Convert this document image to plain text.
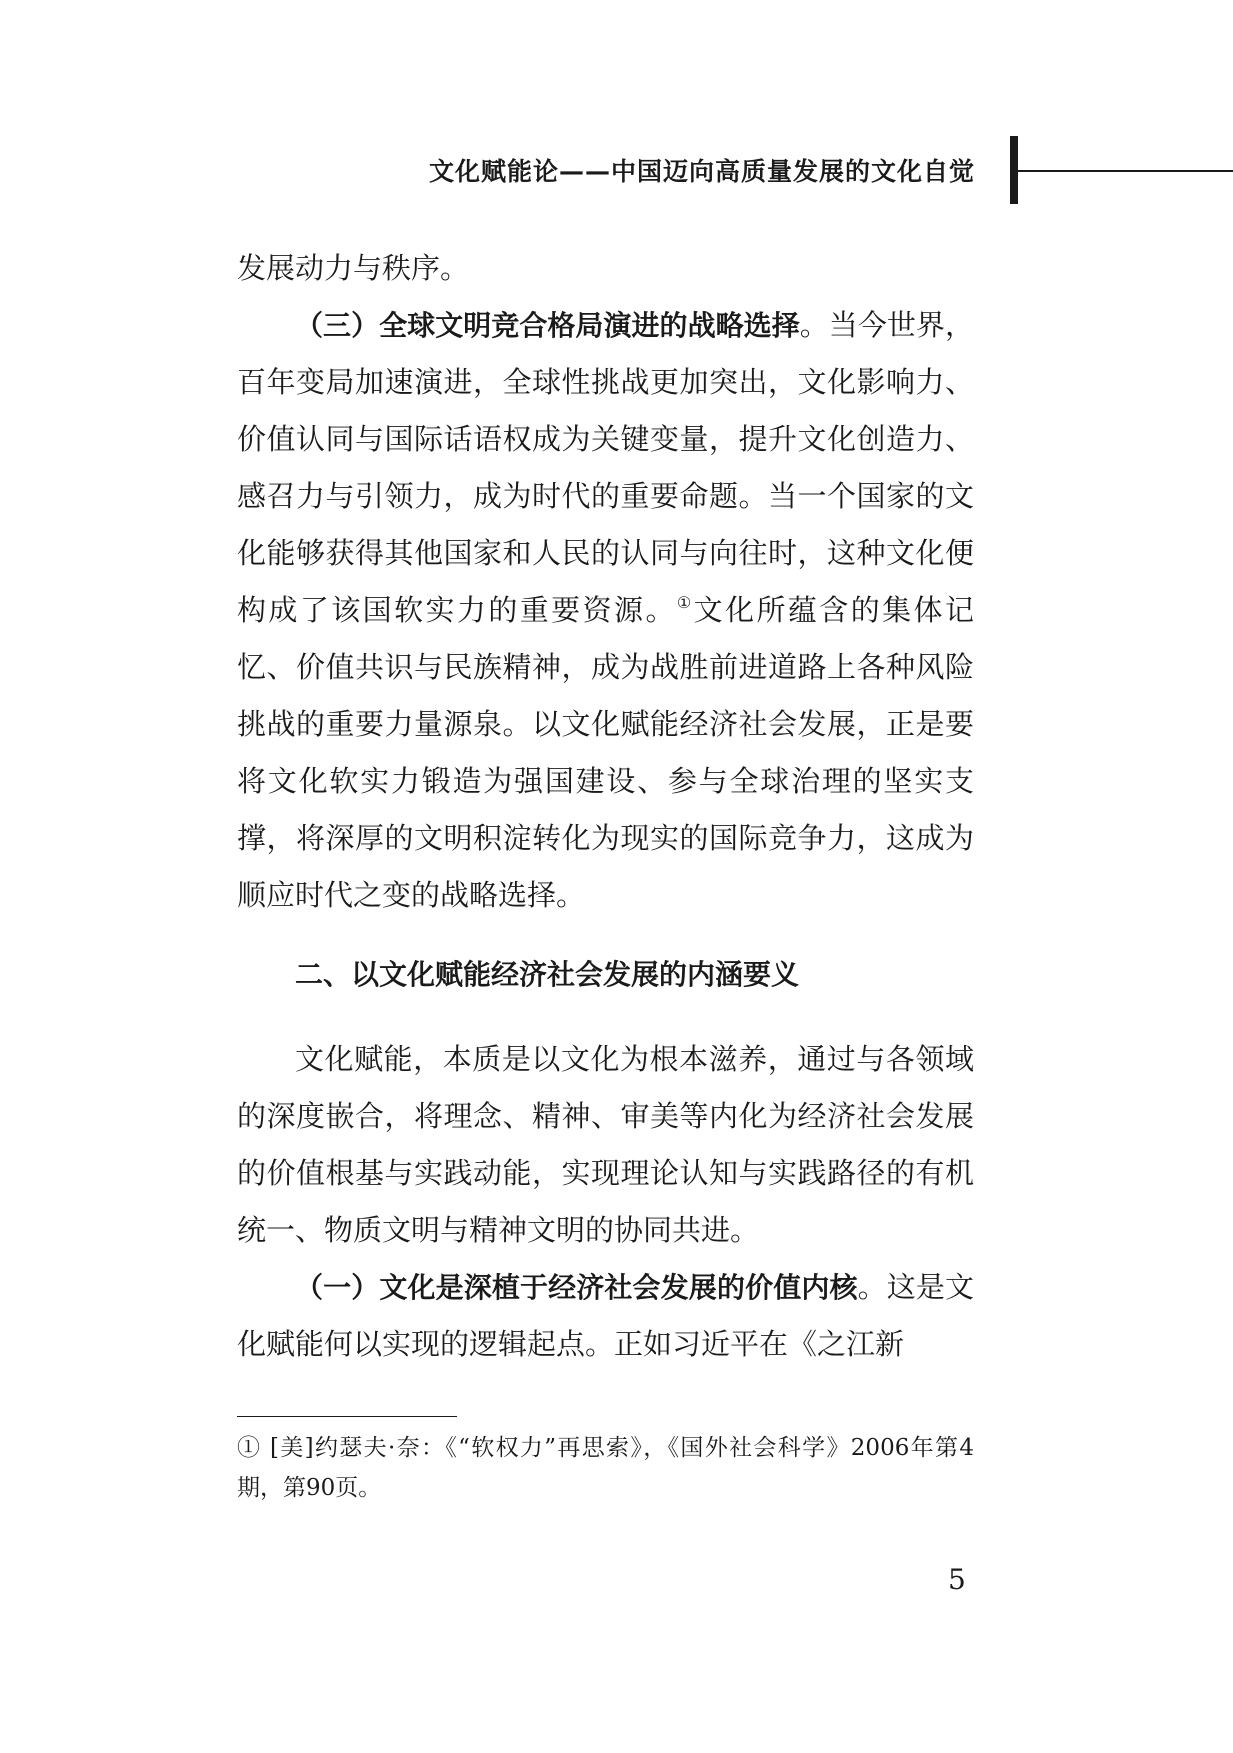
文化赋能论——中国迈向高质量发展的文化自觉

发展动力与秩序。

（三）全球文明竞合格局演进的战略选择。当今世界，百年变局加速演进，全球性挑战更加突出，文化影响力、价值认同与国际话语权成为关键变量，提升文化创造力、感召力与引领力，成为时代的重要命题。当一个国家的文化能够获得其他国家和人民的认同与向往时，这种文化便构成了该国软实力的重要资源。①文化所蕴含的集体记忆、价值共识与民族精神，成为战胜前进道路上各种风险挑战的重要力量源泉。以文化赋能经济社会发展，正是要将文化软实力锻造为强国建设、参与全球治理的坚实支撑，将深厚的文明积淀转化为现实的国际竞争力，这成为顺应时代之变的战略选择。

二、以文化赋能经济社会发展的内涵要义

文化赋能，本质是以文化为根本滋养，通过与各领域的深度嵌合，将理念、精神、审美等内化为经济社会发展的价值根基与实践动能，实现理论认知与实践路径的有机统一、物质文明与精神文明的协同共进。

（一）文化是深植于经济社会发展的价值内核。这是文化赋能何以实现的逻辑起点。正如习近平在《之江新

① [美]约瑟夫·奈：《“软权力”再思索》，《国外社会科学》2006年第4期，第90页。
5
